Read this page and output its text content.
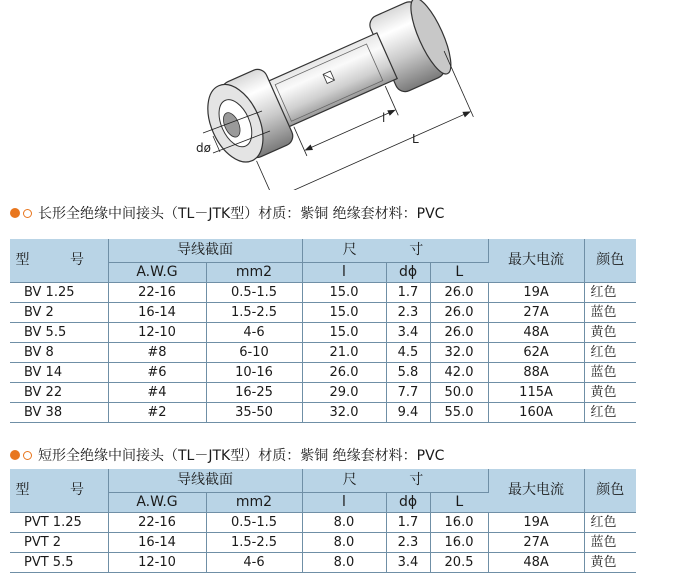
dø
l
L
长形全绝缘中间接头（TL－JTK型）材质：紫铜 绝缘套材料：PVC
型 号	导线截面		尺 寸			最大电流	颜色
	A.W.G	mm2	l	dϕ	L		
BV 1.25	22-16	0.5-1.5	15.0	1.7	26.0	19A	红色
BV 2	16-14	1.5-2.5	15.0	2.3	26.0	27A	蓝色
BV 5.5	12-10	4-6	15.0	3.4	26.0	48A	黄色
BV 8	#8	6-10	21.0	4.5	32.0	62A	红色
BV 14	#6	10-16	26.0	5.8	42.0	88A	蓝色
BV 22	#4	16-25	29.0	7.7	50.0	115A	黄色
BV 38	#2	35-50	32.0	9.4	55.0	160A	红色
短形全绝缘中间接头（TL－JTK型）材质：紫铜 绝缘套材料：PVC
型 号	导线截面		尺 寸			最大电流	颜色
	A.W.G	mm2	l	dϕ	L		
PVT 1.25	22-16	0.5-1.5	8.0	1.7	16.0	19A	红色
PVT 2	16-14	1.5-2.5	8.0	2.3	16.0	27A	蓝色
PVT 5.5	12-10	4-6	8.0	3.4	20.5	48A	黄色
